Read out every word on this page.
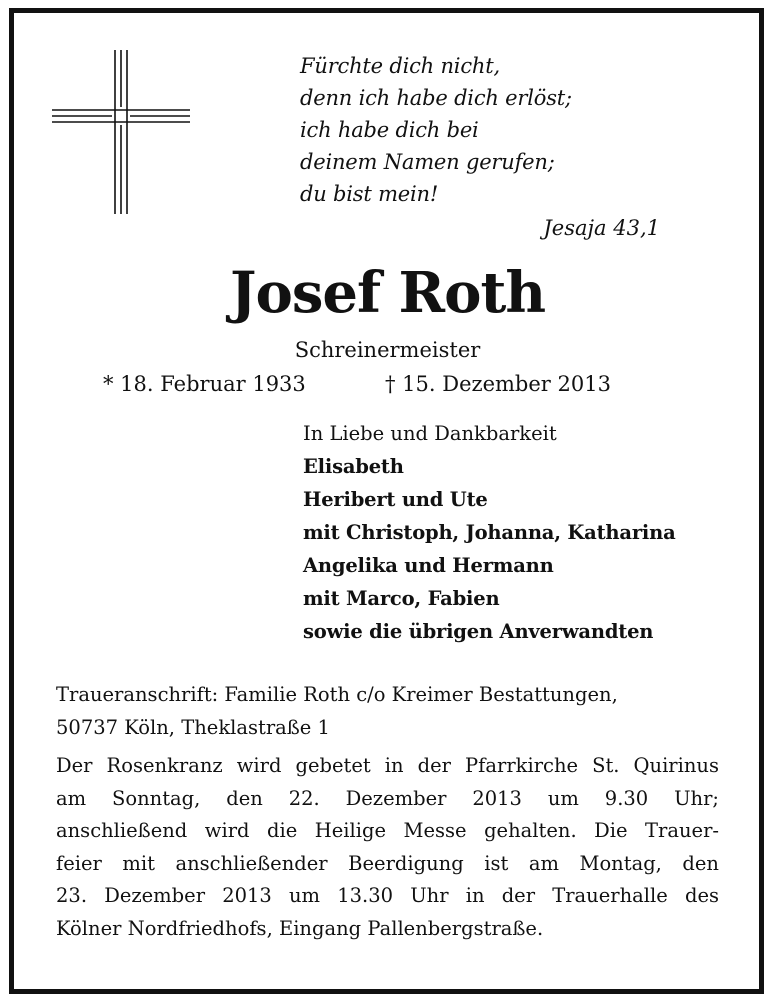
Fürchte dich nicht,
denn ich habe dich erlöst;
ich habe dich bei
deinem Namen gerufen;
du bist mein!
Jesaja 43,1
Josef Roth
Schreinermeister
* 18. Februar 1933	† 15. Dezember 2013
In Liebe und Dankbarkeit
Elisabeth
Heribert und Ute
mit Christoph, Johanna, Katharina
Angelika und Hermann
mit Marco, Fabien
sowie die übrigen Anverwandten
Traueranschrift: Familie Roth c/o Kreimer Bestattungen,
50737 Köln, Theklastraße 1
Der Rosenkranz wird gebetet in der Pfarrkirche St. Quirinus
am Sonntag, den 22. Dezember 2013 um 9.30 Uhr;
anschließend wird die Heilige Messe gehalten. Die Trauer-
feier mit anschließender Beerdigung ist am Montag, den
23. Dezember 2013 um 13.30 Uhr in der Trauerhalle des
Kölner Nordfriedhofs, Eingang Pallenbergstraße.
